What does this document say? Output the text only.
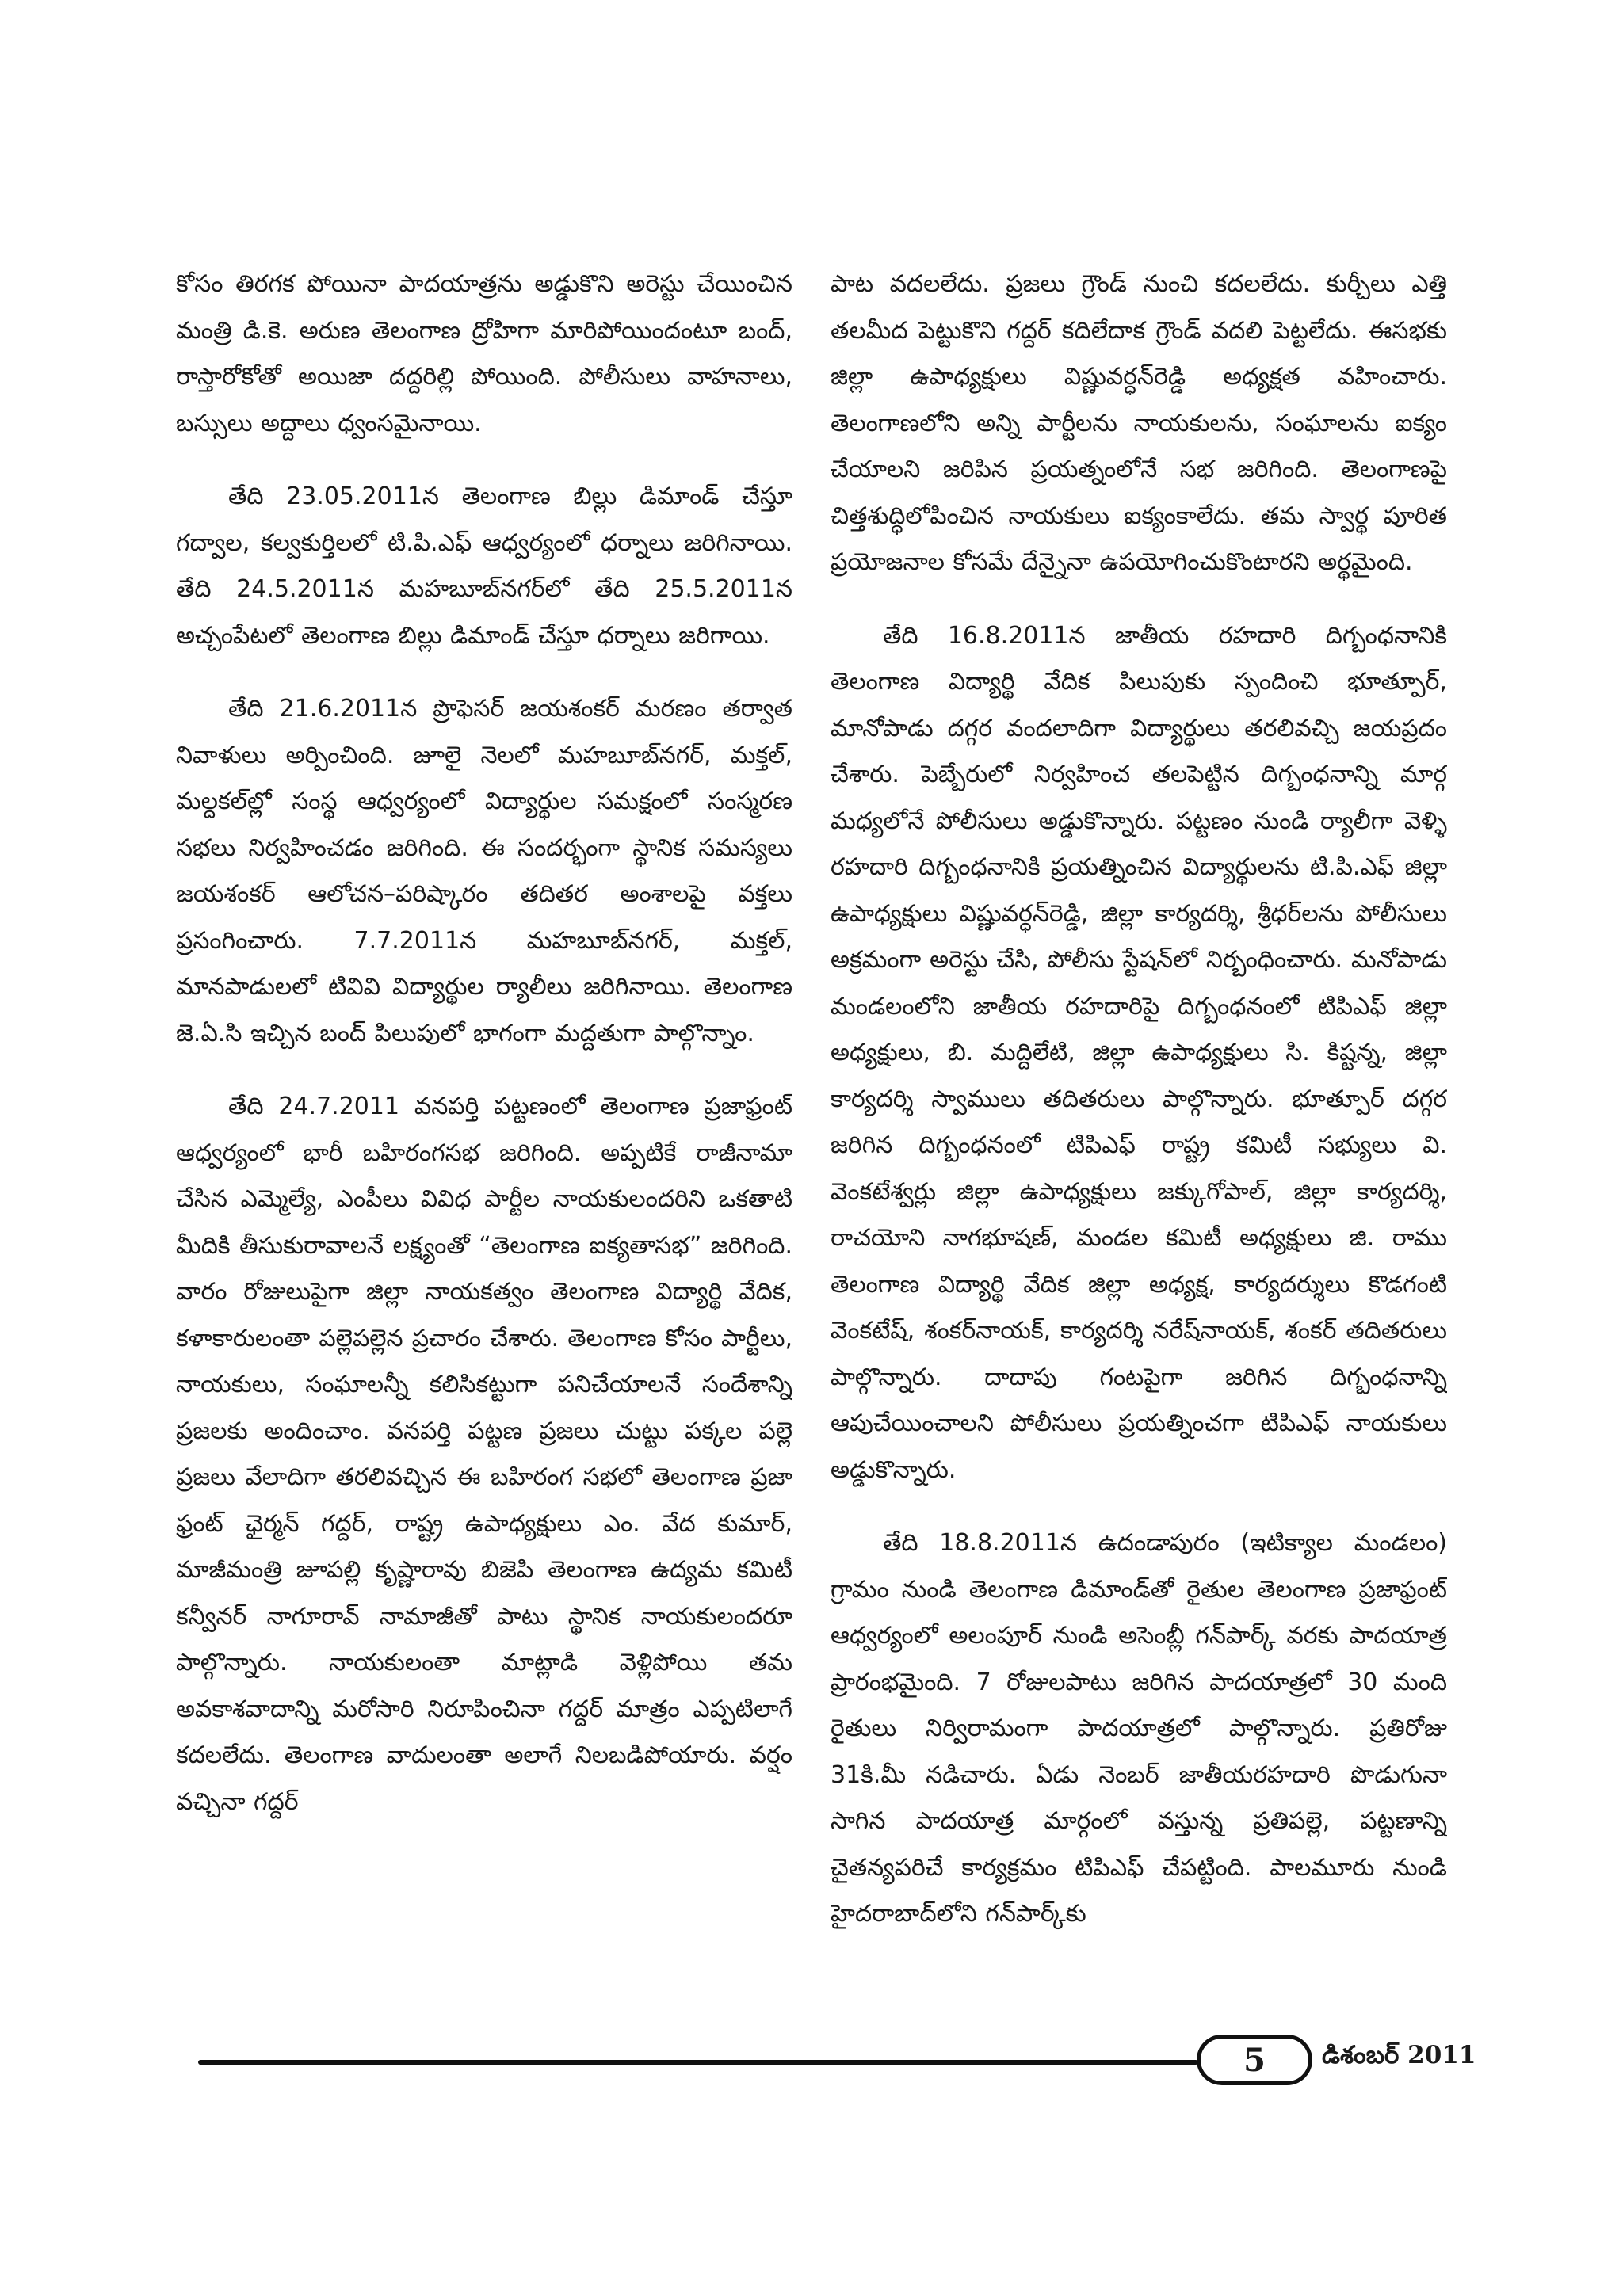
కోసం తిరగక పోయినా పాదయాత్రను అడ్డుకొని అరెస్టు చేయించిన మంత్రి డి.కె. అరుణ తెలంగాణ ద్రోహిగా మారిపోయిందంటూ బంద్, రాస్తారోకోతో అయిజా దద్దరిల్లి పోయింది. పోలీసులు వాహనాలు, బస్సులు అద్దాలు ధ్వంసమైనాయి.

తేది 23.05.2011న తెలంగాణ బిల్లు డిమాండ్ చేస్తూ గద్వాల, కల్వకుర్తిలలో టి.పి.ఎఫ్ ఆధ్వర్యంలో ధర్నాలు జరిగినాయి. తేది 24.5.2011న మహబూబ్‌నగర్‌లో తేది 25.5.2011న అచ్చంపేటలో తెలంగాణ బిల్లు డిమాండ్ చేస్తూ ధర్నాలు జరిగాయి.

తేది 21.6.2011న ప్రొఫెసర్ జయశంకర్ మరణం తర్వాత నివాళులు అర్పించింది. జూలై నెలలో మహబూబ్‌నగర్, మక్తల్, మల్దకల్‌ల్లో సంస్థ ఆధ్వర్యంలో విద్యార్థుల సమక్షంలో సంస్మరణ సభలు నిర్వహించడం జరిగింది. ఈ సందర్భంగా స్థానిక సమస్యలు జయశంకర్ ఆలోచన–పరిష్కారం తదితర అంశాలపై వక్తలు ప్రసంగించారు. 7.7.2011న మహబూబ్‌నగర్, మక్తల్, మానపాడులలో టివివి విద్యార్థుల ర్యాలీలు జరిగినాయి. తెలంగాణ జె.ఏ.సి ఇచ్చిన బంద్ పిలుపులో భాగంగా మద్దతుగా పాల్గొన్నాం.

తేది 24.7.2011 వనపర్తి పట్టణంలో తెలంగాణ ప్రజాఫ్రంట్ ఆధ్వర్యంలో భారీ బహిరంగసభ జరిగింది. అప్పటికే రాజీనామా చేసిన ఎమ్మెల్యే, ఎంపీలు వివిధ పార్టీల నాయకులందరిని ఒకతాటి మీదికి తీసుకురావాలనే లక్ష్యంతో “తెలంగాణ ఐక్యతాసభ” జరిగింది. వారం రోజులుపైగా జిల్లా నాయకత్వం తెలంగాణ విద్యార్థి వేదిక, కళాకారులంతా పల్లెపల్లెన ప్రచారం చేశారు. తెలంగాణ కోసం పార్టీలు, నాయకులు, సంఘాలన్నీ కలిసికట్టుగా పనిచేయాలనే సందేశాన్ని ప్రజలకు అందించాం. వనపర్తి పట్టణ ప్రజలు చుట్టు పక్కల పల్లె ప్రజలు వేలాదిగా తరలివచ్చిన ఈ బహిరంగ సభలో తెలంగాణ ప్రజా ఫ్రంట్ ఛైర్మన్ గద్దర్, రాష్ట్ర ఉపాధ్యక్షులు ఎం. వేద కుమార్, మాజీమంత్రి జూపల్లి కృష్ణారావు బిజెపి తెలంగాణ ఉద్యమ కమిటీ కన్వీనర్ నాగూరావ్ నామాజీతో పాటు స్థానిక నాయకులందరూ పాల్గొన్నారు. నాయకులంతా మాట్లాడి వెళ్లిపోయి తమ అవకాశవాదాన్ని మరోసారి నిరూపించినా గద్దర్ మాత్రం ఎప్పటిలాగే కదలలేదు. తెలంగాణ వాదులంతా అలాగే నిలబడిపోయారు. వర్షం వచ్చినా గద్దర్

పాట వదలలేదు. ప్రజలు గ్రౌండ్ నుంచి కదలలేదు. కుర్చీలు ఎత్తి తలమీద పెట్టుకొని గద్దర్ కదిలేదాక గ్రౌండ్ వదలి పెట్టలేదు. ఈసభకు జిల్లా ఉపాధ్యక్షులు విష్ణువర్ధన్‌రెడ్డి అధ్యక్షత వహించారు. తెలంగాణలోని అన్ని పార్టీలను నాయకులను, సంఘాలను ఐక్యం చేయాలని జరిపిన ప్రయత్నంలోనే సభ జరిగింది. తెలంగాణపై చిత్తశుద్ధిలోపించిన నాయకులు ఐక్యంకాలేదు. తమ స్వార్థ పూరిత ప్రయోజనాల కోసమే దేన్నైనా ఉపయోగించుకొంటారని అర్థమైంది.

తేది 16.8.2011న జాతీయ రహదారి దిగ్బంధనానికి తెలంగాణ విద్యార్థి వేదిక పిలుపుకు స్పందించి భూత్పూర్, మానోపాడు దగ్గర వందలాదిగా విద్యార్థులు తరలివచ్చి జయప్రదం చేశారు. పెబ్బేరులో నిర్వహించ తలపెట్టిన దిగ్బంధనాన్ని మార్గ మధ్యలోనే పోలీసులు అడ్డుకొన్నారు. పట్టణం నుండి ర్యాలీగా వెళ్ళి రహదారి దిగ్బంధనానికి ప్రయత్నించిన విద్యార్థులను టి.పి.ఎఫ్ జిల్లా ఉపాధ్యక్షులు విష్ణువర్ధన్‌రెడ్డి, జిల్లా కార్యదర్శి, శ్రీధర్‌లను పోలీసులు అక్రమంగా అరెస్టు చేసి, పోలీసు స్టేషన్‌లో నిర్బంధించారు. మనోపాడు మండలంలోని జాతీయ రహదారిపై దిగ్బంధనంలో టిపిఎఫ్ జిల్లా అధ్యక్షులు, బి. మద్దిలేటి, జిల్లా ఉపాధ్యక్షులు సి. కిష్టన్న, జిల్లా కార్యదర్శి స్వాములు తదితరులు పాల్గొన్నారు. భూత్పూర్ దగ్గర జరిగిన దిగ్బంధనంలో టిపిఎఫ్ రాష్ట్ర కమిటీ సభ్యులు వి. వెంకటేశ్వర్లు జిల్లా ఉపాధ్యక్షులు జక్కుగోపాల్, జిల్లా కార్యదర్శి, రాచయోని నాగభూషణ్, మండల కమిటీ అధ్యక్షులు జి. రాము తెలంగాణ విద్యార్థి వేదిక జిల్లా అధ్యక్ష, కార్యదర్శులు కొడగంటి వెంకటేష్, శంకర్‌నాయక్, కార్యదర్శి నరేష్‌నాయక్, శంకర్ తదితరులు పాల్గొన్నారు. దాదాపు గంటపైగా జరిగిన దిగ్బంధనాన్ని ఆపుచేయించాలని పోలీసులు ప్రయత్నించగా టిపిఎఫ్ నాయకులు అడ్డుకొన్నారు.

తేది 18.8.2011న ఉదండాపురం (ఇటిక్యాల మండలం) గ్రామం నుండి తెలంగాణ డిమాండ్‌తో రైతుల తెలంగాణ ప్రజాఫ్రంట్ ఆధ్వర్యంలో అలంపూర్ నుండి అసెంబ్లీ గన్‌పార్క్ వరకు పాదయాత్ర ప్రారంభమైంది. 7 రోజులపాటు జరిగిన పాదయాత్రలో 30 మంది రైతులు నిర్విరామంగా పాదయాత్రలో పాల్గొన్నారు. ప్రతిరోజు 31కి.మీ నడిచారు. ఏడు నెంబర్ జాతీయరహదారి పొడుగునా సాగిన పాదయాత్ర మార్గంలో వస్తున్న ప్రతిపల్లె, పట్టణాన్ని చైతన్యపరిచే కార్యక్రమం టిపిఎఫ్ చేపట్టింది. పాలమూరు నుండి హైదరాబాద్‌లోని గన్‌పార్క్‌కు

5 డిశంబర్ 2011
